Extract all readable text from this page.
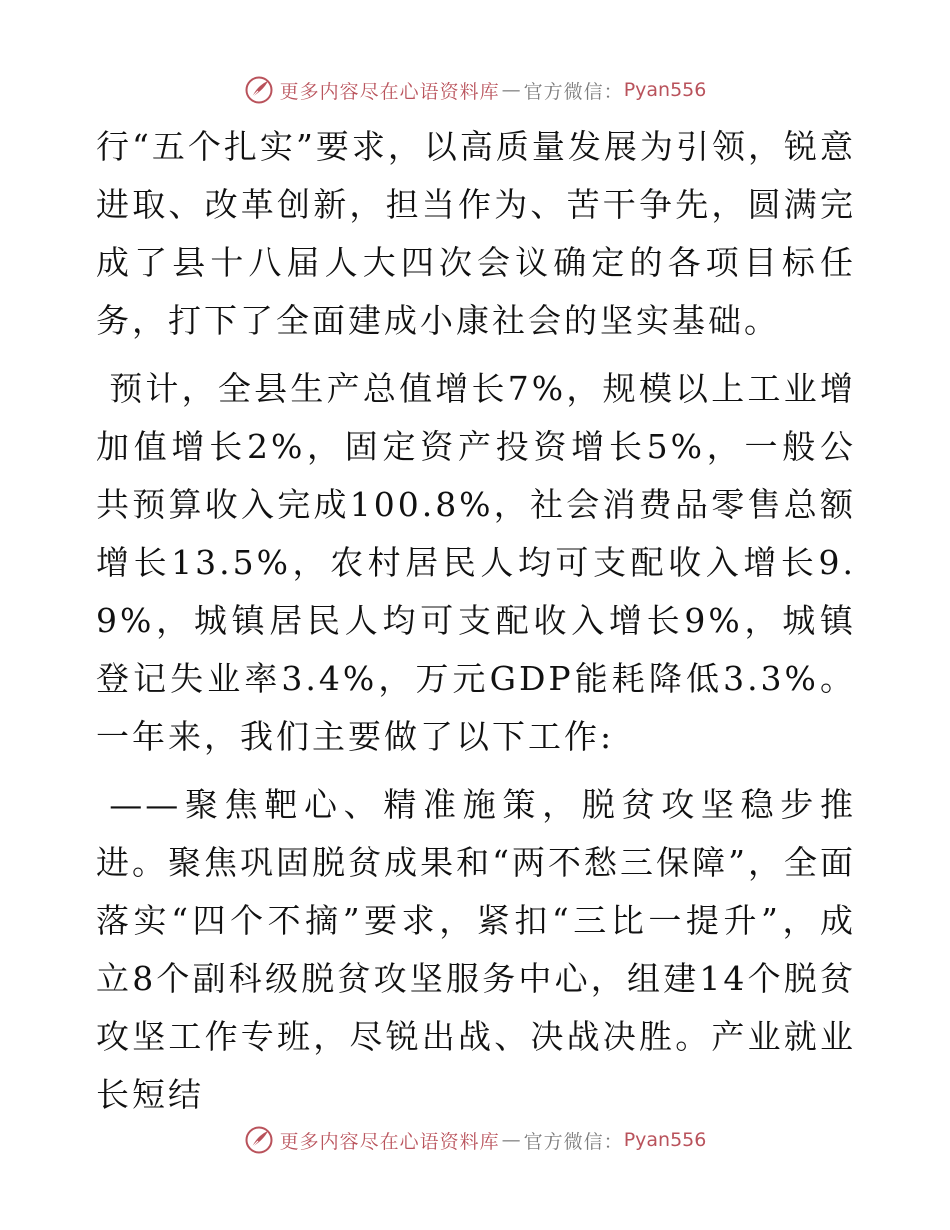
更多内容尽在心语资料库 — 官方微信： Pyan556

行“五个扎实”要求，以高质量发展为引领，锐意进取、改革创新，担当作为、苦干争先，圆满完成了县十八届人大四次会议确定的各项目标任务，打下了全面建成小康社会的坚实基础。

预计，全县生产总值增长7%，规模以上工业增加值增长2%，固定资产投资增长5%，一般公共预算收入完成100.8%，社会消费品零售总额增长13.5%，农村居民人均可支配收入增长9.9%，城镇居民人均可支配收入增长9%，城镇登记失业率3.4%，万元GDP能耗降低3.3%。一年来，我们主要做了以下工作:

——聚焦靶心、精准施策，脱贫攻坚稳步推进。聚焦巩固脱贫成果和“两不愁三保障”，全面落实“四个不摘”要求，紧扣“三比一提升”，成立8个副科级脱贫攻坚服务中心，组建14个脱贫攻坚工作专班，尽锐出战、决战决胜。产业就业长短结

更多内容尽在心语资料库 — 官方微信： Pyan556
